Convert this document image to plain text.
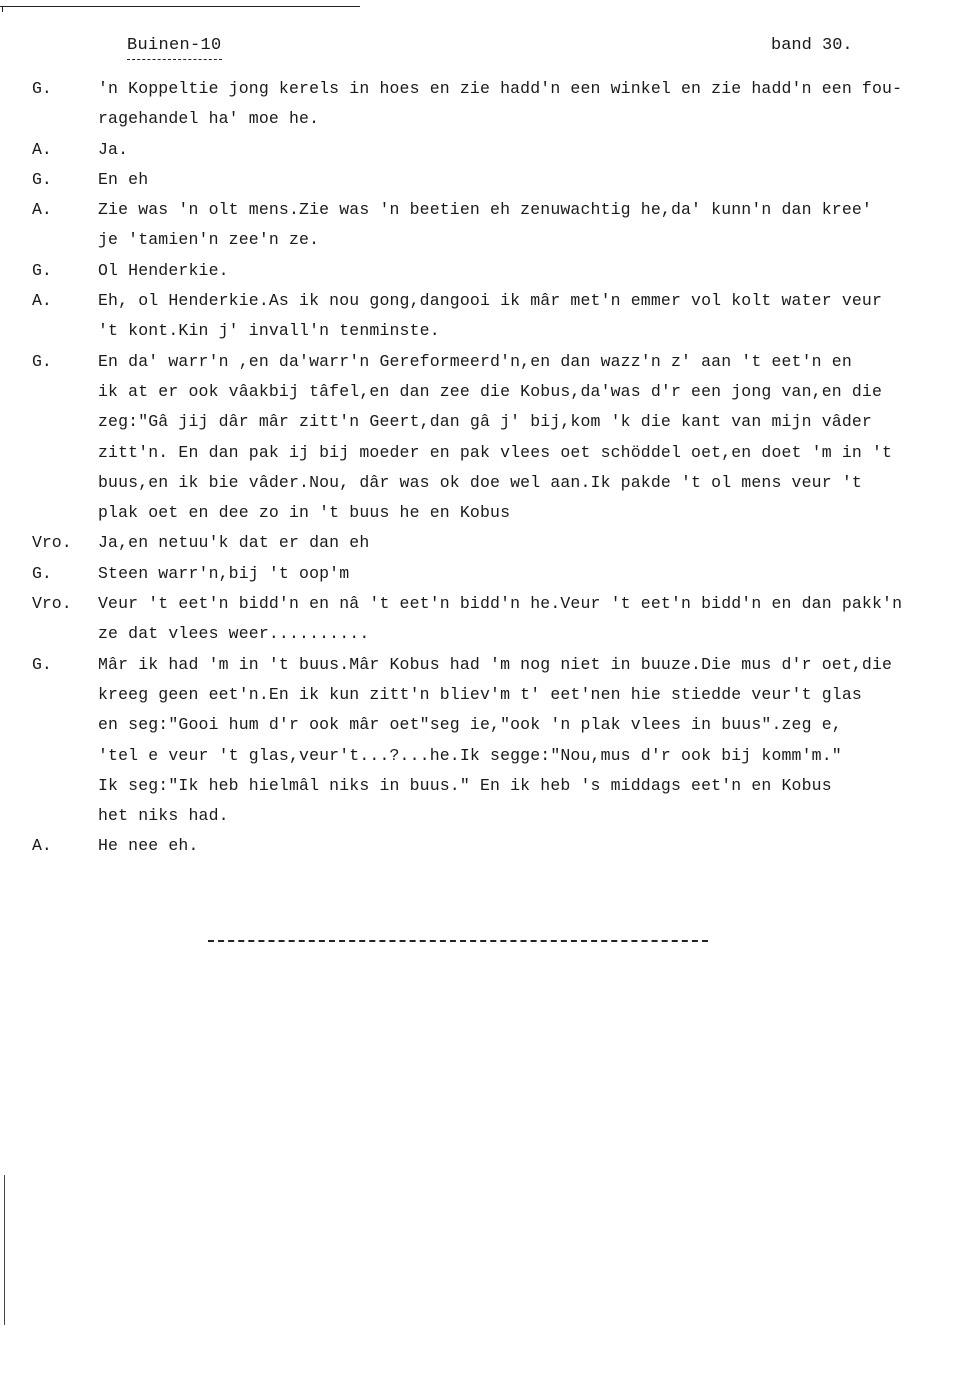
Buinen-10	band 30.
G.	'n Koppeltie jong kerels in hoes en zie hadd'n een winkel en zie hadd'n een fou-
ragehandel ha' moe he.
A.	Ja.
G.	En eh
A.	Zie was 'n olt mens.Zie was 'n beetien eh zenuwachtig he,da' kunn'n dan kree'
je 'tamien'n zee'n ze.
G.	Ol Henderkie.
A.	Eh, ol Henderkie.As ik nou gong,dangooi ik mâr met'n emmer vol kolt water veur
't kont.Kin j' invall'n tenminste.
G.	En da' warr'n ,en da'warr'n Gereformeerd'n,en dan wazz'n z' aan 't eet'n en
ik at er ook vâakbij tâfel,en dan zee die Kobus,da'was d'r een jong van,en die
zeg:"Gâ jij dâr mâr zitt'n Geert,dan gâ j' bij,kom 'k die kant van mijn vâder
zitt'n. En dan pak ij bij moeder en pak vlees oet schöddel oet,en doet 'm in 't
buus,en ik bie vâder.Nou, dâr was ok doe wel aan.Ik pakde 't ol mens veur 't
plak oet en dee zo in 't buus he en Kobus
Vro.	Ja,en netuu'k dat er dan eh
G.	Steen warr'n,bij 't oop'm
Vro.	Veur 't eet'n bidd'n en nâ 't eet'n bidd'n he.Veur 't eet'n bidd'n en dan pakk'n
ze dat vlees weer..........
G.	Mâr ik had 'm in 't buus.Mâr Kobus had 'm nog niet in buuze.Die mus d'r oet,die
kreeg geen eet'n.En ik kun zitt'n bliev'm t' eet'nen hie stiedde veur't glas
en seg:"Gooi hum d'r ook mâr oet"seg ie,"ook 'n plak vlees in buus".zeg e,
'tel e veur 't glas,veur't...?...he.Ik segge:"Nou,mus d'r ook bij komm'm."
Ik seg:"Ik heb hielmâl niks in buus." En ik heb 's middags eet'n en Kobus
het niks had.
A.	He nee eh.
